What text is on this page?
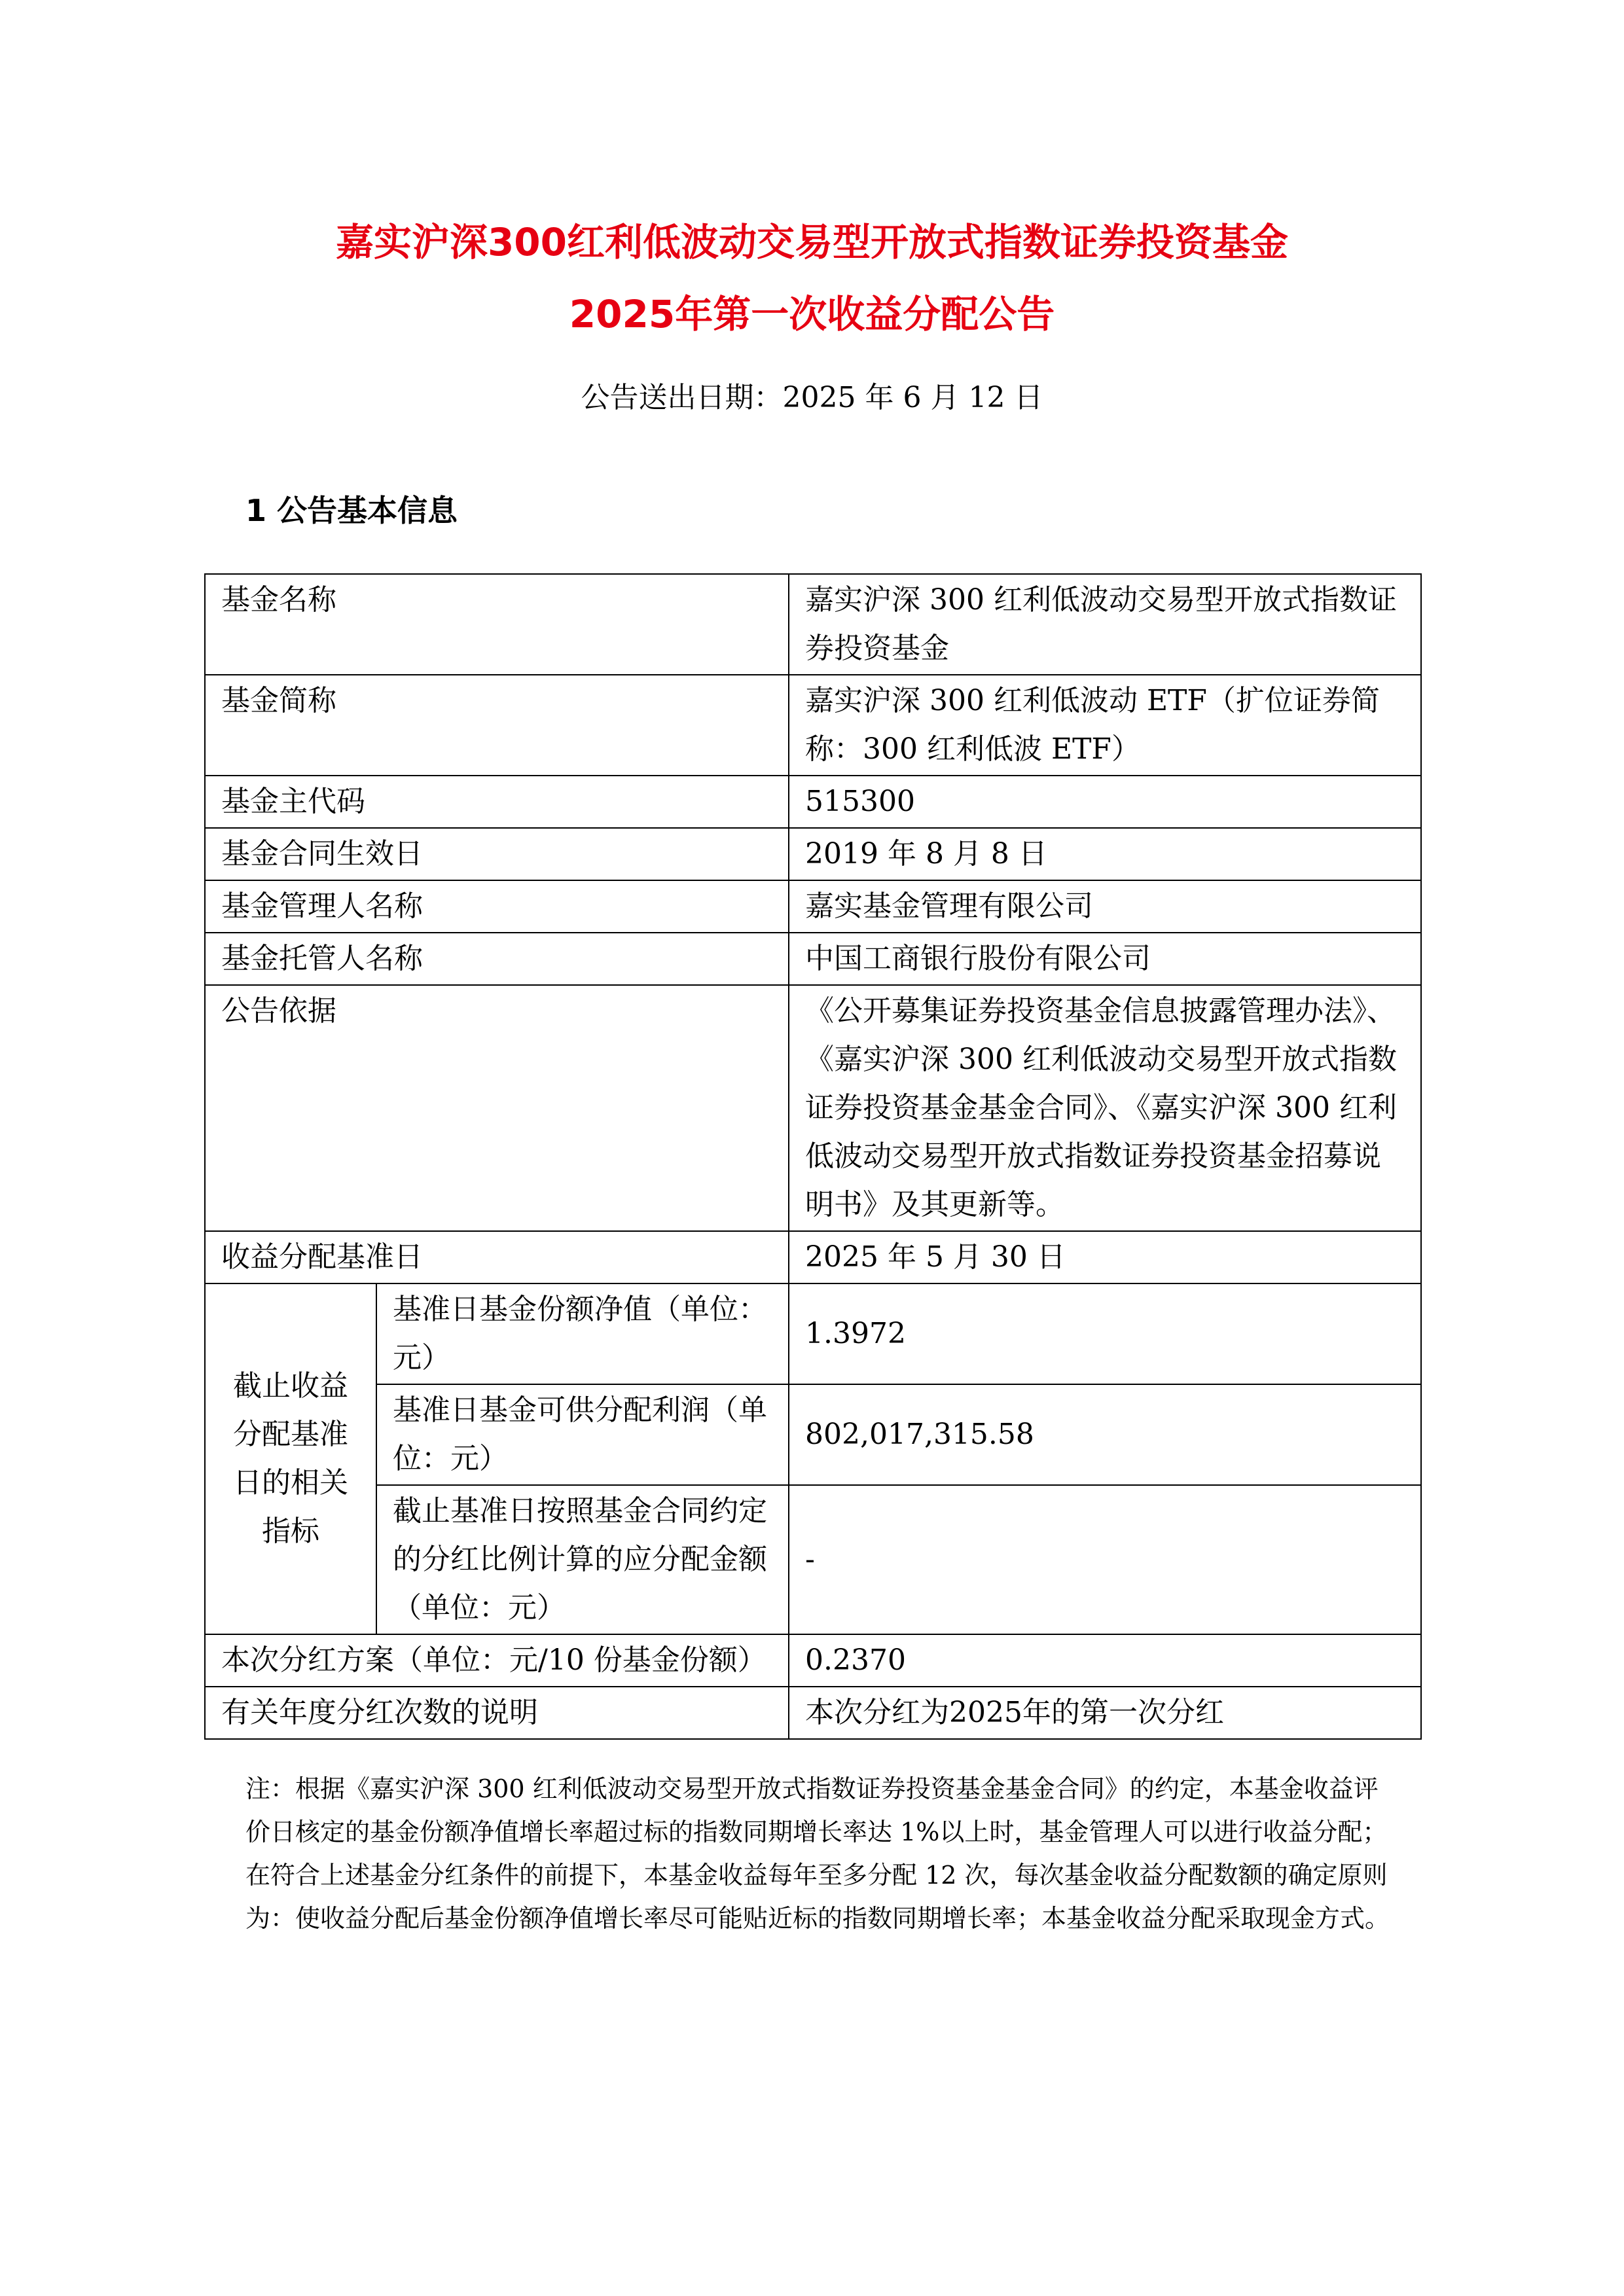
嘉实沪深300红利低波动交易型开放式指数证券投资基金
2025年第一次收益分配公告
公告送出日期：2025 年 6 月 12 日
1 公告基本信息
基金名称		嘉实沪深 300 红利低波动交易型开放式指数证券投资基金
基金简称		嘉实沪深 300 红利低波动 ETF（扩位证券简称：300 红利低波 ETF）
基金主代码		515300
基金合同生效日		2019 年 8 月 8 日
基金管理人名称		嘉实基金管理有限公司
基金托管人名称		中国工商银行股份有限公司
公告依据		《公开募集证券投资基金信息披露管理办法》、《嘉实沪深 300 红利低波动交易型开放式指数证券投资基金基金合同》、《嘉实沪深 300 红利低波动交易型开放式指数证券投资基金招募说明书》及其更新等。
收益分配基准日		2025 年 5 月 30 日
截止收益分配基准日的相关指标	基准日基金份额净值（单位：元）	1.3972
	基准日基金可供分配利润（单位：元）	802,017,315.58
	截止基准日按照基金合同约定的分红比例计算的应分配金额（单位：元）	-
本次分红方案（单位：元/10 份基金份额）		0.2370
有关年度分红次数的说明		本次分红为2025年的第一次分红
注：根据《嘉实沪深 300 红利低波动交易型开放式指数证券投资基金基金合同》的约定，本基金收益评价日核定的基金份额净值增长率超过标的指数同期增长率达 1%以上时，基金管理人可以进行收益分配；在符合上述基金分红条件的前提下，本基金收益每年至多分配 12 次，每次基金收益分配数额的确定原则为：使收益分配后基金份额净值增长率尽可能贴近标的指数同期增长率；本基金收益分配采取现金方式。
